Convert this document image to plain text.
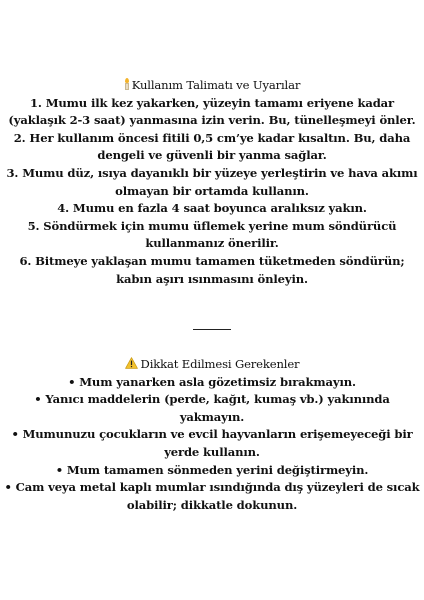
Kullanım Talimatı ve Uyarılar
1. Mumu ilk kez yakarken, yüzeyin tamamı eriyene kadar
(yaklaşık 2-3 saat) yanmasına izin verin. Bu, tünelleşmeyi önler.
2. Her kullanım öncesi fitili 0,5 cm’ye kadar kısaltın. Bu, daha
dengeli ve güvenli bir yanma sağlar.
3. Mumu düz, ısıya dayanıklı bir yüzeye yerleştirin ve hava akımı
olmayan bir ortamda kullanın.
4. Mumu en fazla 4 saat boyunca aralıksız yakın.
5. Söndürmek için mumu üflemek yerine mum söndürücü
kullanmanız önerilir.
6. Bitmeye yaklaşan mumu tamamen tüketmeden söndürün;
kabın aşırı ısınmasını önleyin.
Dikkat Edilmesi Gerekenler
• Mum yanarken asla gözetimsiz bırakmayın.
• Yanıcı maddelerin (perde, kağıt, kumaş vb.) yakınında
yakmayın.
• Mumunuzu çocukların ve evcil hayvanların erişemeyeceği bir
yerde kullanın.
• Mum tamamen sönmeden yerini değiştirmeyin.
• Cam veya metal kaplı mumlar ısındığında dış yüzeyleri de sıcak
olabilir; dikkatle dokunun.
